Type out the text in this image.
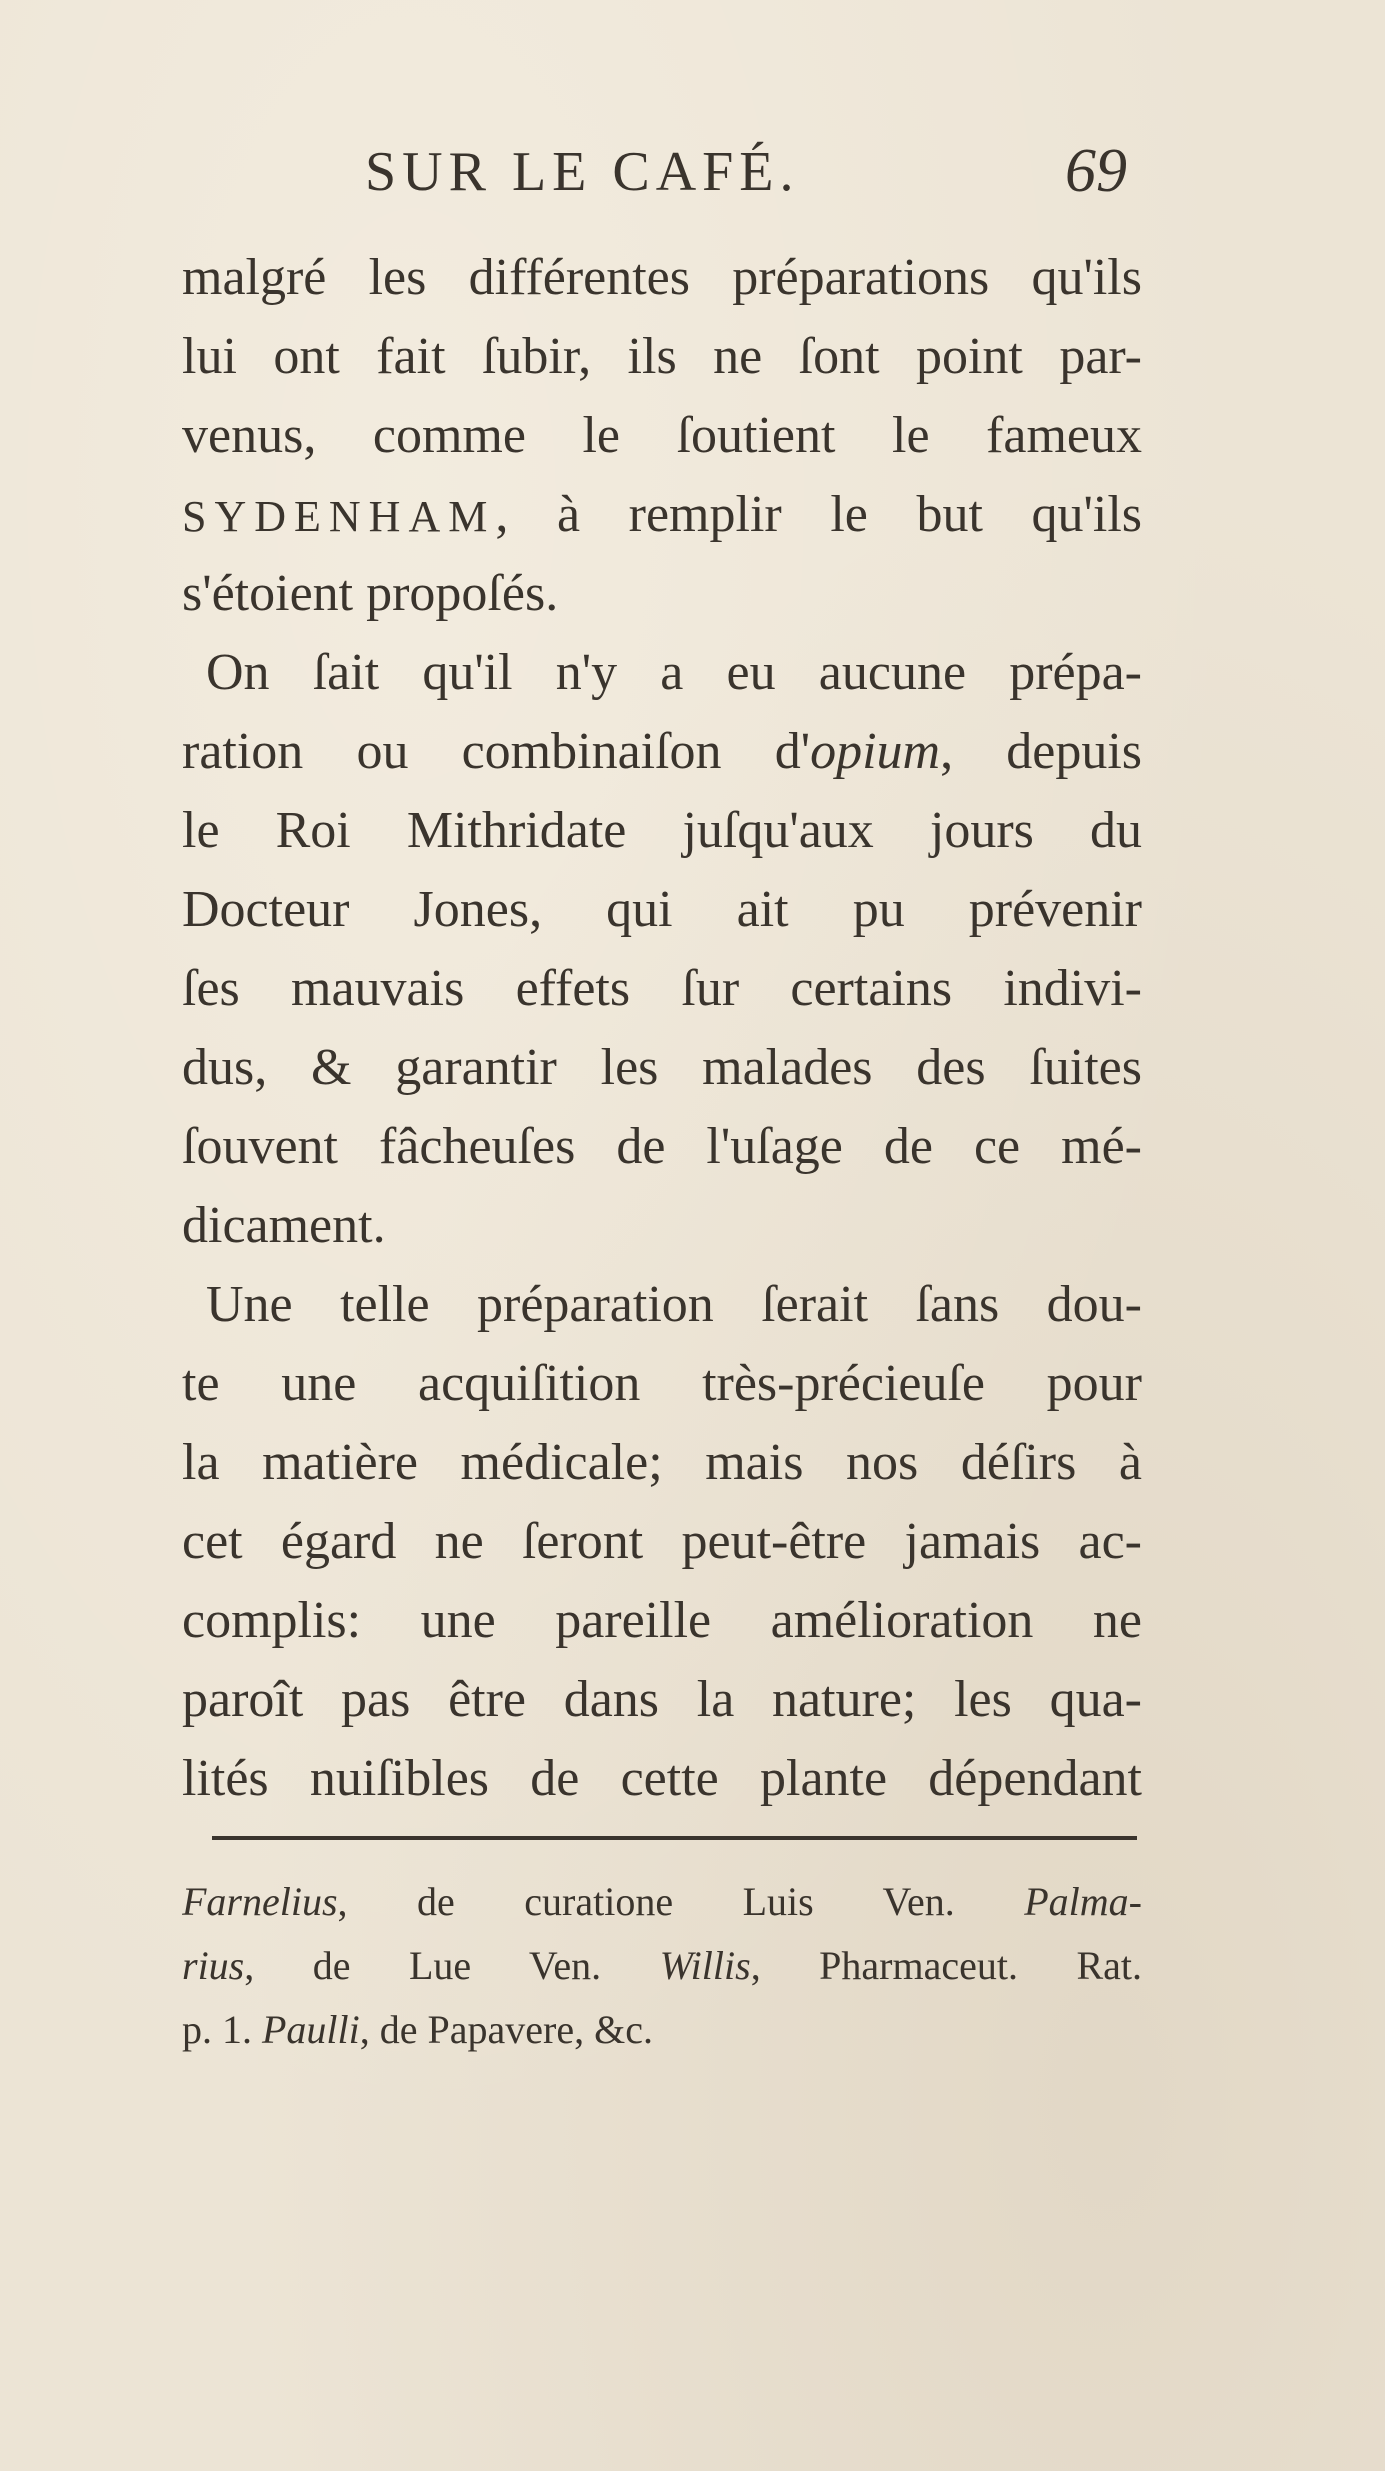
SUR LE CAFÉ.	69
malgré les différentes préparations qu'ils
lui ont fait ſubir, ils ne ſont point par-
venus, comme le ſoutient le fameux
SYDENHAM, à remplir le but qu'ils
s'étoient propoſés.
On ſait qu'il n'y a eu aucune prépa-
ration ou combinaiſon d'opium, depuis
le Roi Mithridate juſqu'aux jours du
Docteur Jones, qui ait pu prévenir
ſes mauvais effets ſur certains indivi-
dus, & garantir les malades des ſuites
ſouvent fâcheuſes de l'uſage de ce mé-
dicament.
Une telle préparation ſerait ſans dou-
te une acquiſition très-précieuſe pour
la matière médicale; mais nos déſirs à
cet égard ne ſeront peut-être jamais ac-
complis: une pareille amélioration ne
paroît pas être dans la nature; les qua-
lités nuiſibles de cette plante dépendant
Farnelius, de curatione Luis Ven. Palma-
rius, de Lue Ven. Willis, Pharmaceut. Rat.
p. 1. Paulli, de Papavere, &c.
